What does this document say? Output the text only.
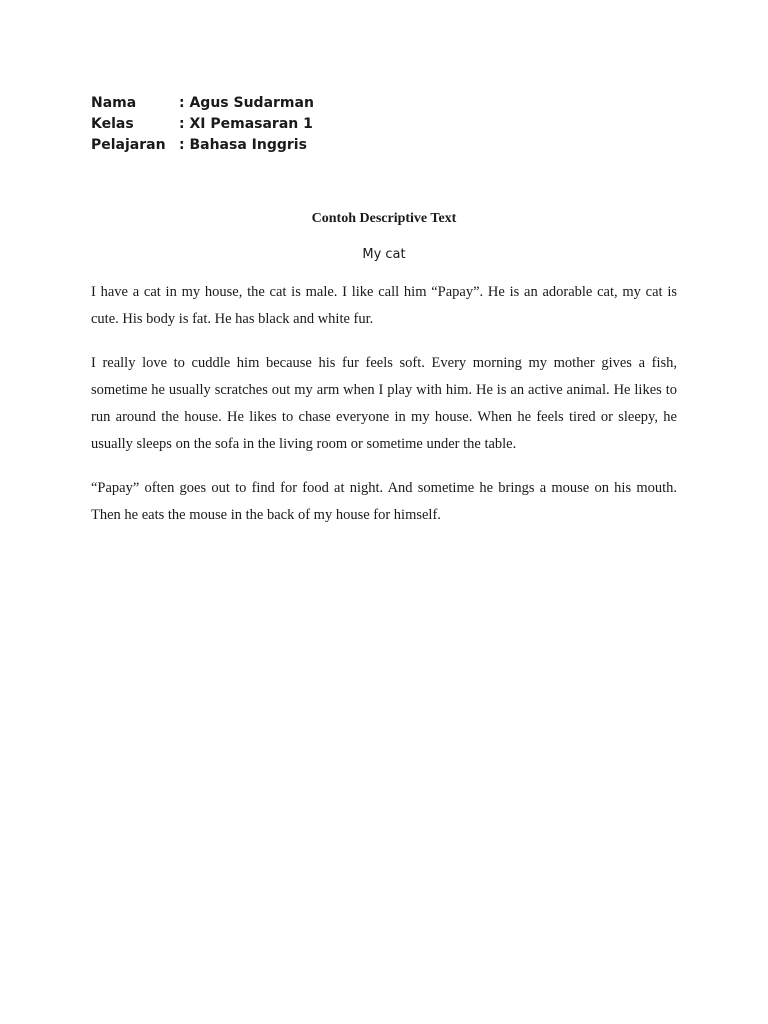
Nama	: Agus Sudarman
Kelas	: XI Pemasaran 1
Pelajaran : Bahasa Inggris
Contoh Descriptive Text
My cat

I have a cat in my house, the cat is male. I like call him “Papay”. He is an adorable cat, my cat is cute. His body is fat. He has black and white fur.

I really love to cuddle him because his fur feels soft. Every morning my mother gives a fish, sometime he usually scratches out my arm when I play with him. He is an active animal. He likes to run around the house. He likes to chase everyone in my house. When he feels tired or sleepy, he usually sleeps on the sofa in the living room or sometime under the table.

“Papay” often goes out to find for food at night. And sometime he brings a mouse on his mouth. Then he eats the mouse in the back of my house for himself.
